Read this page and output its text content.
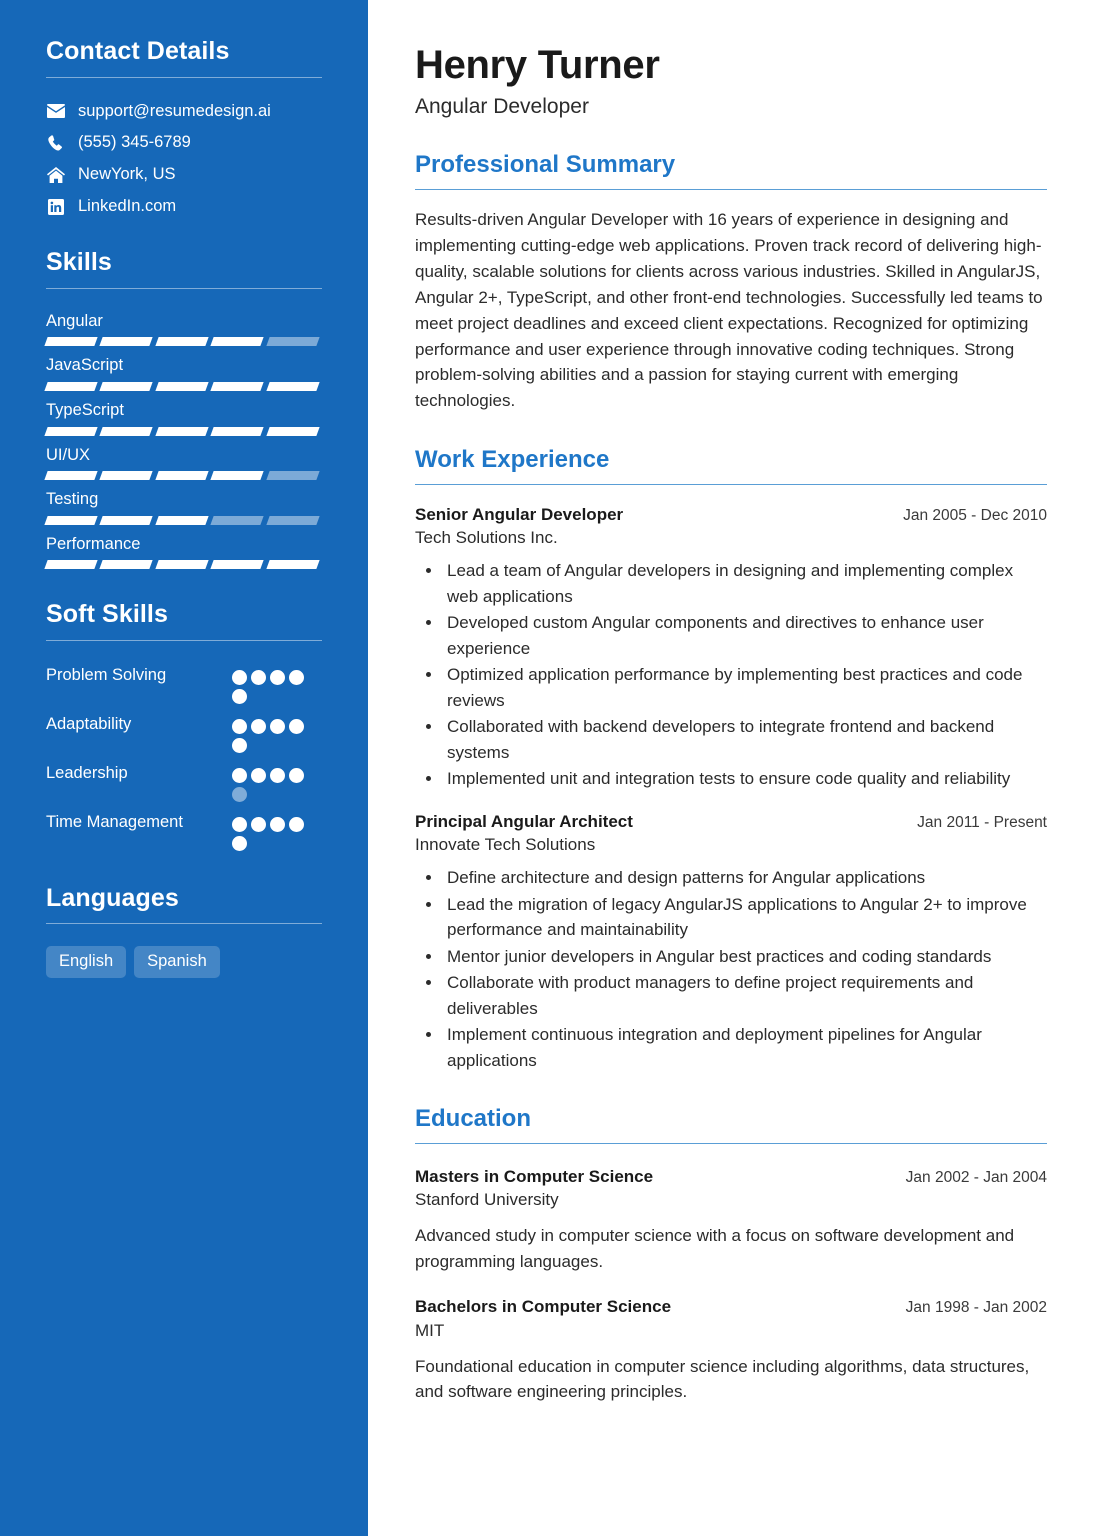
Contact Details
support@resumedesign.ai
(555) 345-6789
NewYork, US
LinkedIn.com
Skills
Angular
JavaScript
TypeScript
UI/UX
Testing
Performance
Soft Skills
Problem Solving
Adaptability
Leadership
Time Management
Languages
English	Spanish
Henry Turner
Angular Developer
Professional Summary

Results-driven Angular Developer with 16 years of experience in designing and implementing cutting-edge web applications. Proven track record of delivering high-quality, scalable solutions for clients across various industries. Skilled in AngularJS, Angular 2+, TypeScript, and other front-end technologies. Successfully led teams to meet project deadlines and exceed client expectations. Recognized for optimizing performance and user experience through innovative coding techniques. Strong problem-solving abilities and a passion for staying current with emerging technologies.

Work Experience
Senior Angular Developer	Jan 2005 - Dec 2010
Tech Solutions Inc.
• Lead a team of Angular developers in designing and implementing complex web applications
• Developed custom Angular components and directives to enhance user experience
• Optimized application performance by implementing best practices and code reviews
• Collaborated with backend developers to integrate frontend and backend systems
• Implemented unit and integration tests to ensure code quality and reliability
Principal Angular Architect	Jan 2011 - Present
Innovate Tech Solutions
• Define architecture and design patterns for Angular applications
• Lead the migration of legacy AngularJS applications to Angular 2+ to improve performance and maintainability
• Mentor junior developers in Angular best practices and coding standards
• Collaborate with product managers to define project requirements and deliverables
• Implement continuous integration and deployment pipelines for Angular applications
Education
Masters in Computer Science	Jan 2002 - Jan 2004
Stanford University
Advanced study in computer science with a focus on software development and programming languages.
Bachelors in Computer Science	Jan 1998 - Jan 2002
MIT
Foundational education in computer science including algorithms, data structures, and software engineering principles.
